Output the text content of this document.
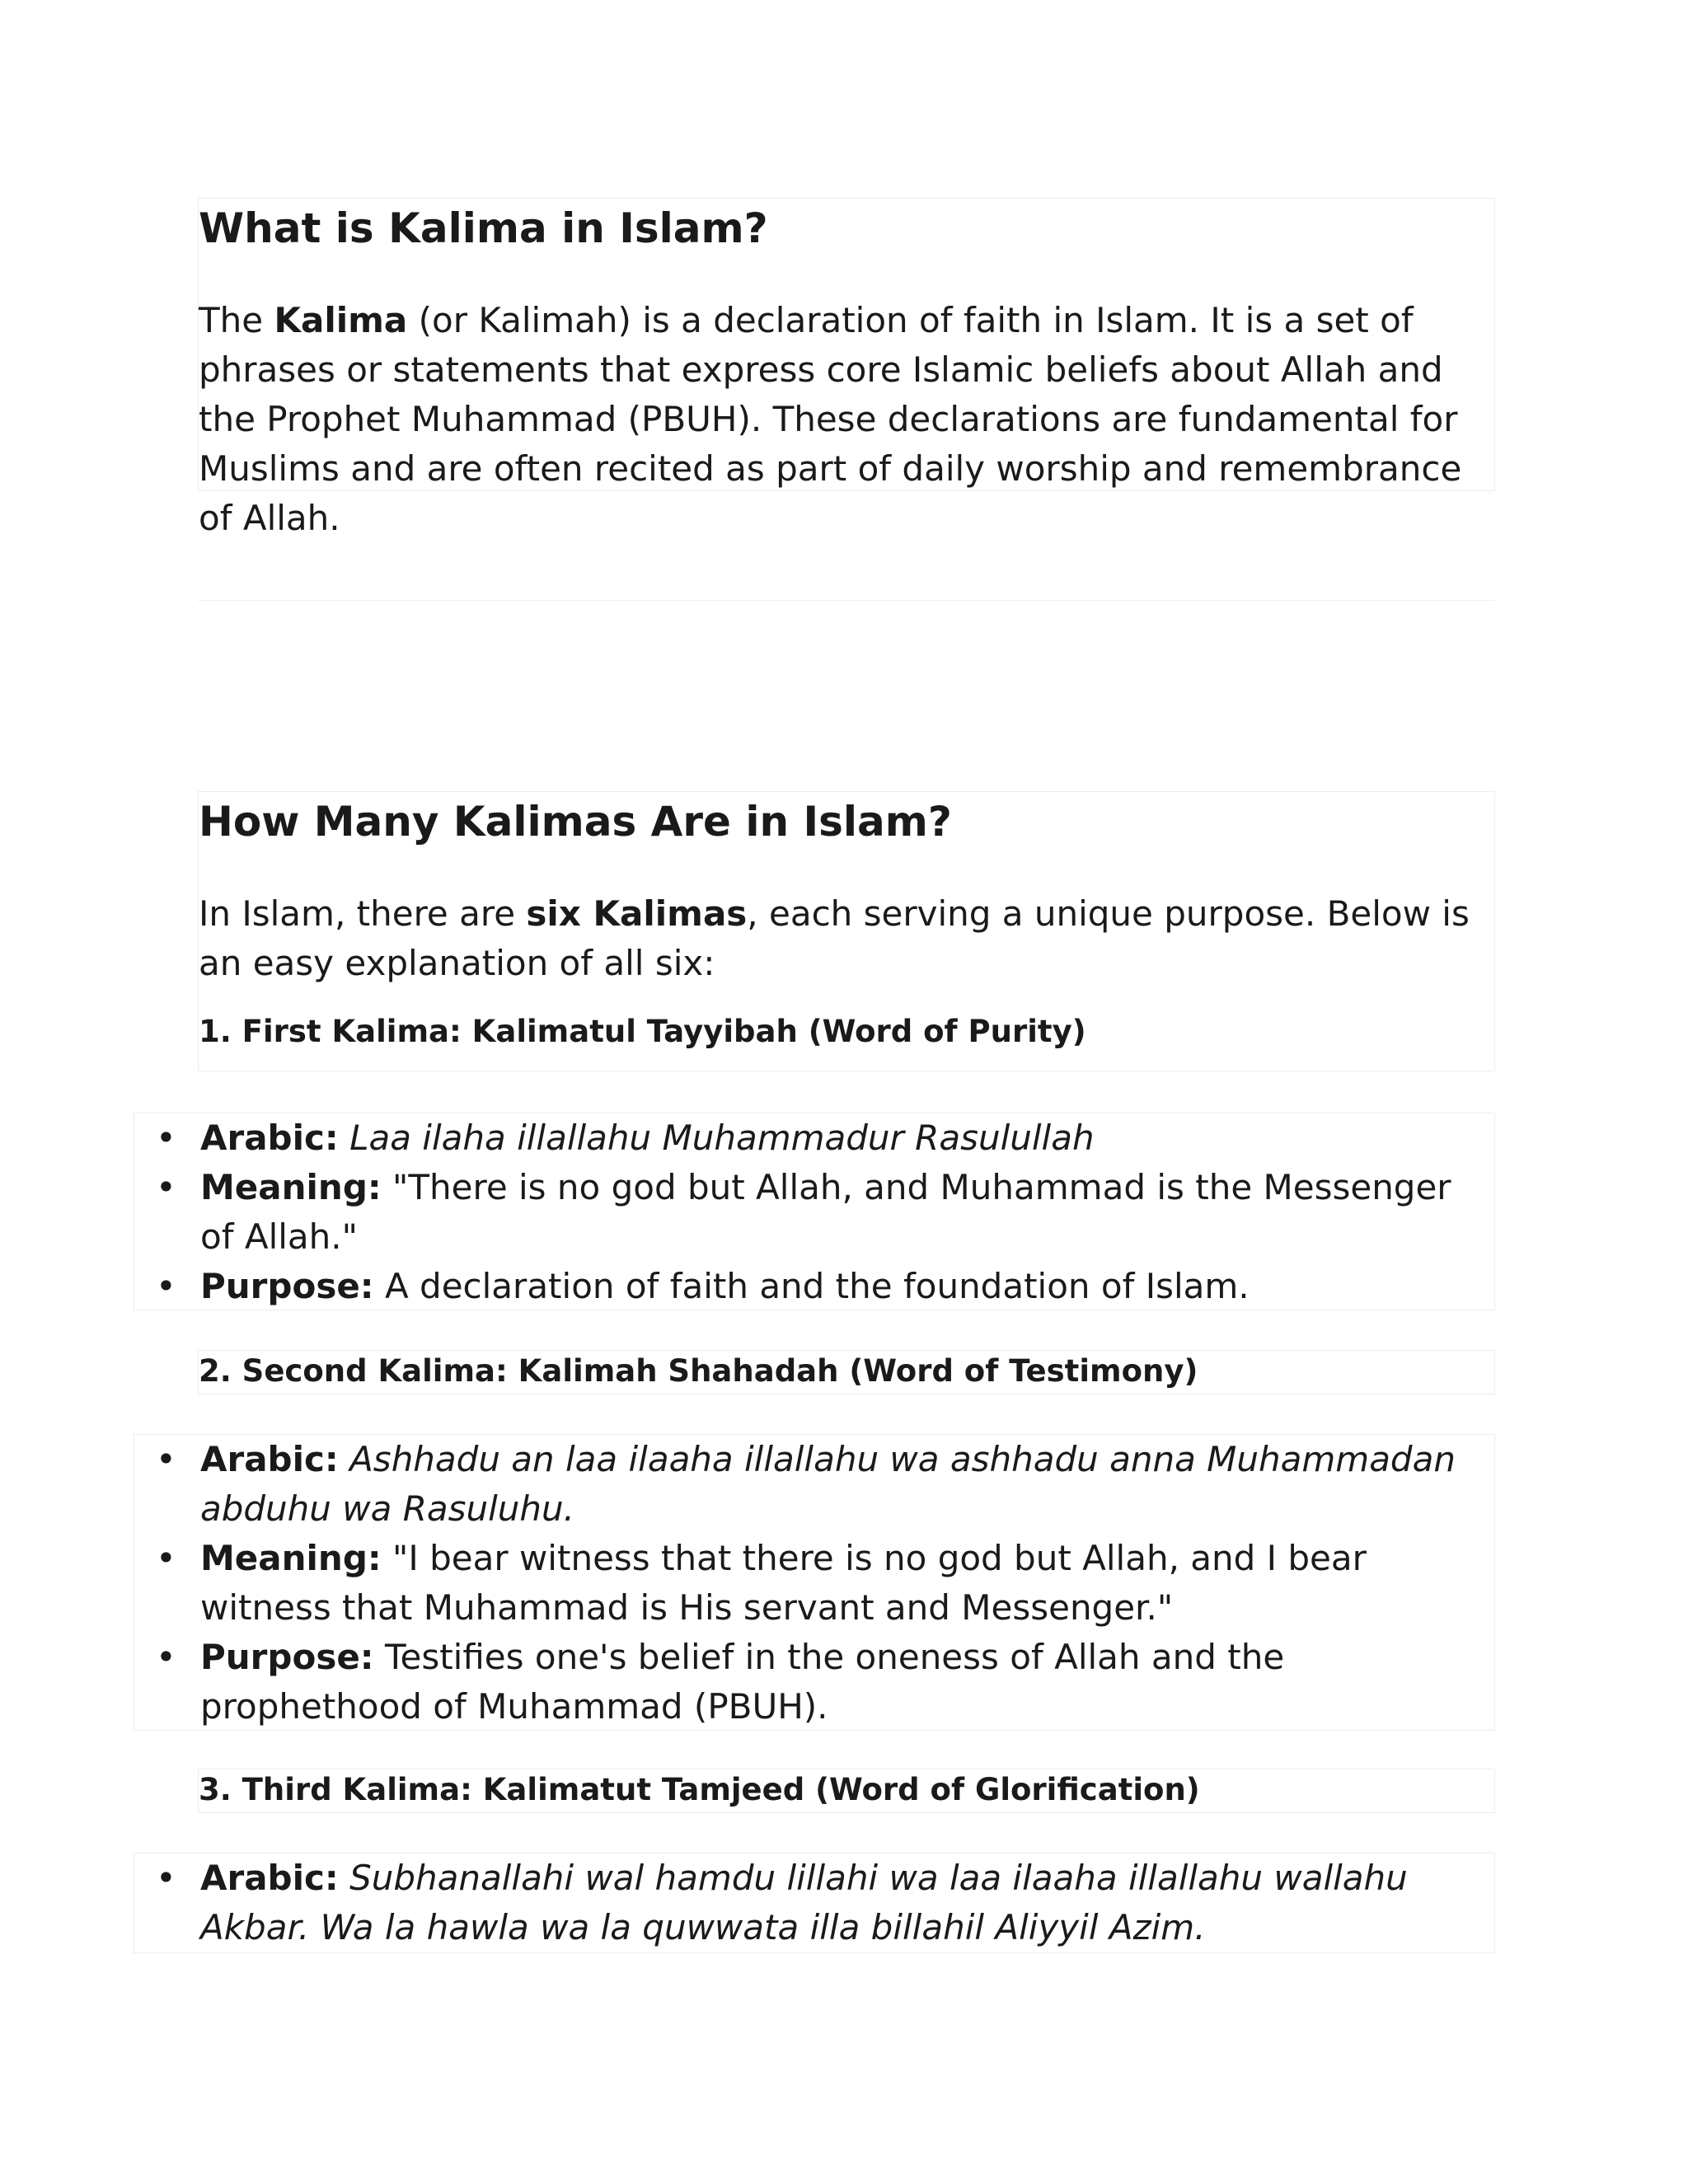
What is Kalima in Islam?

The Kalima (or Kalimah) is a declaration of faith in Islam. It is a set of phrases or statements that express core Islamic beliefs about Allah and the Prophet Muhammad (PBUH). These declarations are fundamental for Muslims and are often recited as part of daily worship and remembrance of Allah.

How Many Kalimas Are in Islam?

In Islam, there are six Kalimas, each serving a unique purpose. Below is an easy explanation of all six:

1. First Kalima: Kalimatul Tayyibah (Word of Purity)
• Arabic: Laa ilaha illallahu Muhammadur Rasulullah
• Meaning: "There is no god but Allah, and Muhammad is the Messenger of Allah."
• Purpose: A declaration of faith and the foundation of Islam.
2. Second Kalima: Kalimah Shahadah (Word of Testimony)
• Arabic: Ashhadu an laa ilaaha illallahu wa ashhadu anna Muhammadan abduhu wa Rasuluhu.
• Meaning: "I bear witness that there is no god but Allah, and I bear witness that Muhammad is His servant and Messenger."
• Purpose: Testifies one's belief in the oneness of Allah and the prophethood of Muhammad (PBUH).
3. Third Kalima: Kalimatut Tamjeed (Word of Glorification)
• Arabic: Subhanallahi wal hamdu lillahi wa laa ilaaha illallahu wallahu Akbar. Wa la hawla wa la quwwata illa billahil Aliyyil Azim.
